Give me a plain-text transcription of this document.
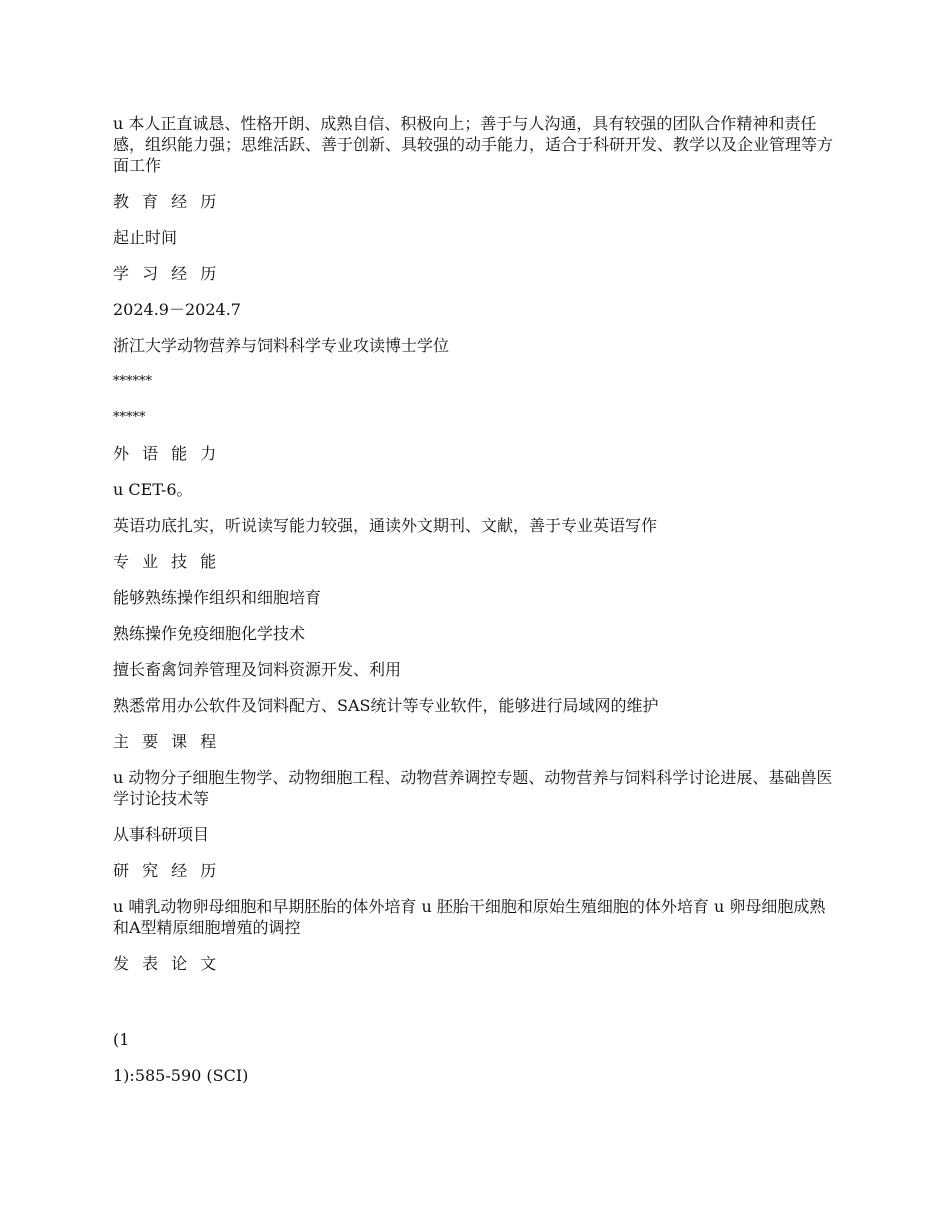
u 本人正直诚恳、性格开朗、成熟自信、积极向上；善于与人沟通，具有较强的团队合作精神和责任感，组织能力强；思维活跃、善于创新、具较强的动手能力，适合于科研开发、教学以及企业管理等方面工作

教 育 经 历

起止时间

学 习 经 历

2024.9－2024.7

浙江大学动物营养与饲料科学专业攻读博士学位

******

*****

外 语 能 力

u CET-6。

英语功底扎实，听说读写能力较强，通读外文期刊、文献，善于专业英语写作

专 业 技 能

能够熟练操作组织和细胞培育

熟练操作免疫细胞化学技术

擅长畜禽饲养管理及饲料资源开发、利用

熟悉常用办公软件及饲料配方、SAS统计等专业软件，能够进行局域网的维护

主 要 课 程

u 动物分子细胞生物学、动物细胞工程、动物营养调控专题、动物营养与饲料科学讨论进展、基础兽医学讨论技术等

从事科研项目

研 究 经 历

u 哺乳动物卵母细胞和早期胚胎的体外培育 u 胚胎干细胞和原始生殖细胞的体外培育 u 卵母细胞成熟和A型精原细胞增殖的调控

发 表 论 文

(1

1):585-590 (SCI)
